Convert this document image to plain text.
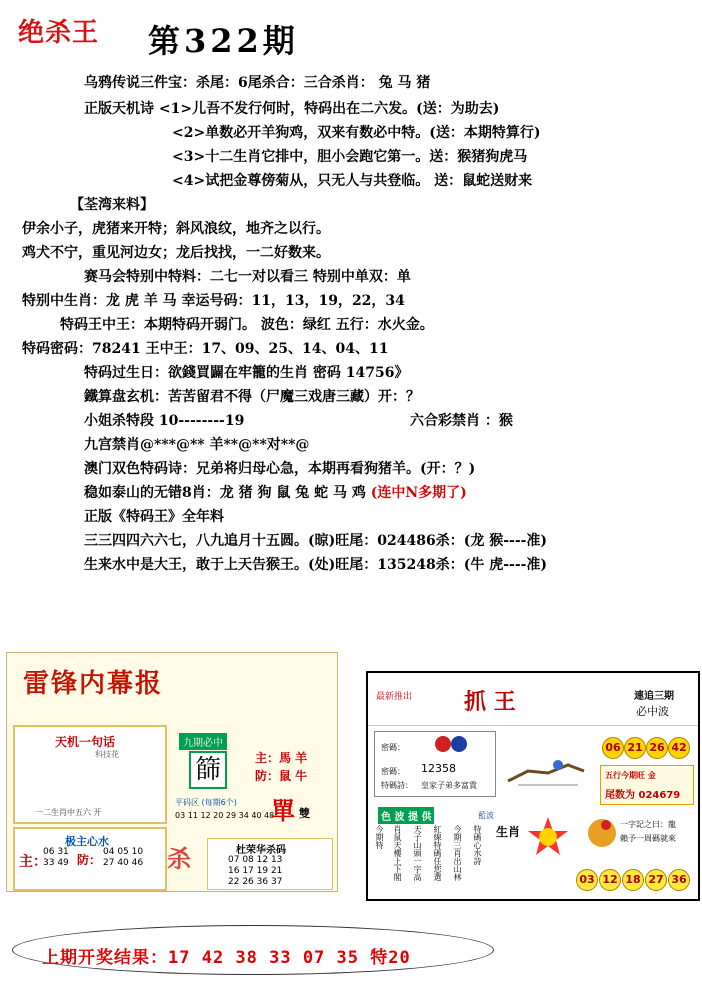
绝杀王 第322期
乌鸦传说三件宝：杀尾：6尾杀合：三合杀肖： 兔 马 猪
正版天机诗 <1>儿吾不发行何时，特码出在二六发。(送：为助去)
<2>单数必开羊狗鸡，双来有数必中特。(送：本期特算行)
<3>十二生肖它排中，胆小会跑它第一。送：猴猪狗虎马
<4>试把金尊傍菊从，只无人与共登临。 送：鼠蛇送财来
【荃湾来料】
伊余小子，虎猪来开特；斜风浪纹，地齐之以行。
鸡犬不宁，重见河边女；龙后找找，一二好数来。
赛马会特别中特料：二七一对以看三 特别中单双：单
特别中生肖：龙 虎 羊 马 幸运号码：11，13，19，22，34
特码王中王：本期特码开弱门。 波色：绿红 五行：水火金。
特码密码：78241 王中王：17、09、25、14、04、11
特码过生日：欲錢買闢在牢籠的生肖 密码 14756》
鐵算盘玄机：苦苦留君不得（尸魔三戏唐三藏）开：？
小姐杀特段 10--------19	六合彩禁肖 ：猴
九宫禁肖@***@** 羊**@**对**@
澳门双色特码诗：兄弟将归母心急，本期再看狗猪羊。(开：？)
稳如泰山的无错8肖：龙 猪 狗 鼠 兔 蛇 马 鸡 (连中N多期了)
正版《特码王》全年料
三三四四六六七，八九追月十五圆。(晾)旺尾：024486杀：(龙 猴----准)
生来水中是大王，敢于上天告猴王。(处)旺尾：135248杀：(牛 虎----准)
雷锋内幕报
天机一句话
科技花
一二生肖中五六 开
极主心水
主：
06 31
33 49 防：
04 05 10
27 40 46
九期必中
篩	主：馬 羊
防：鼠 牛
平码区 (每期6个)
03 11 12 20 29 34 40 48
單 雙
杀	杜荣华杀码
07 08 12 13
16 17 19 21
22 26 36 37
最新推出 抓 王	連追三期
必中波
密碼：
密碼： 12358
特碼詩： 皇家子弟多富貴
06 21 26 42
五行今期旺 金
尾数为 024679
色 波 提 供	藍波
今期特 肖鼠天樓上下閣 天子山頭一字高 紅線特碼任您選 今期三肖出山林 特碼心水詩 生肖
一字記之曰：龍
賴予一周碼就來
03 12 18 27 36
上期开奖结果：17 42 38 33 07 35 特20
